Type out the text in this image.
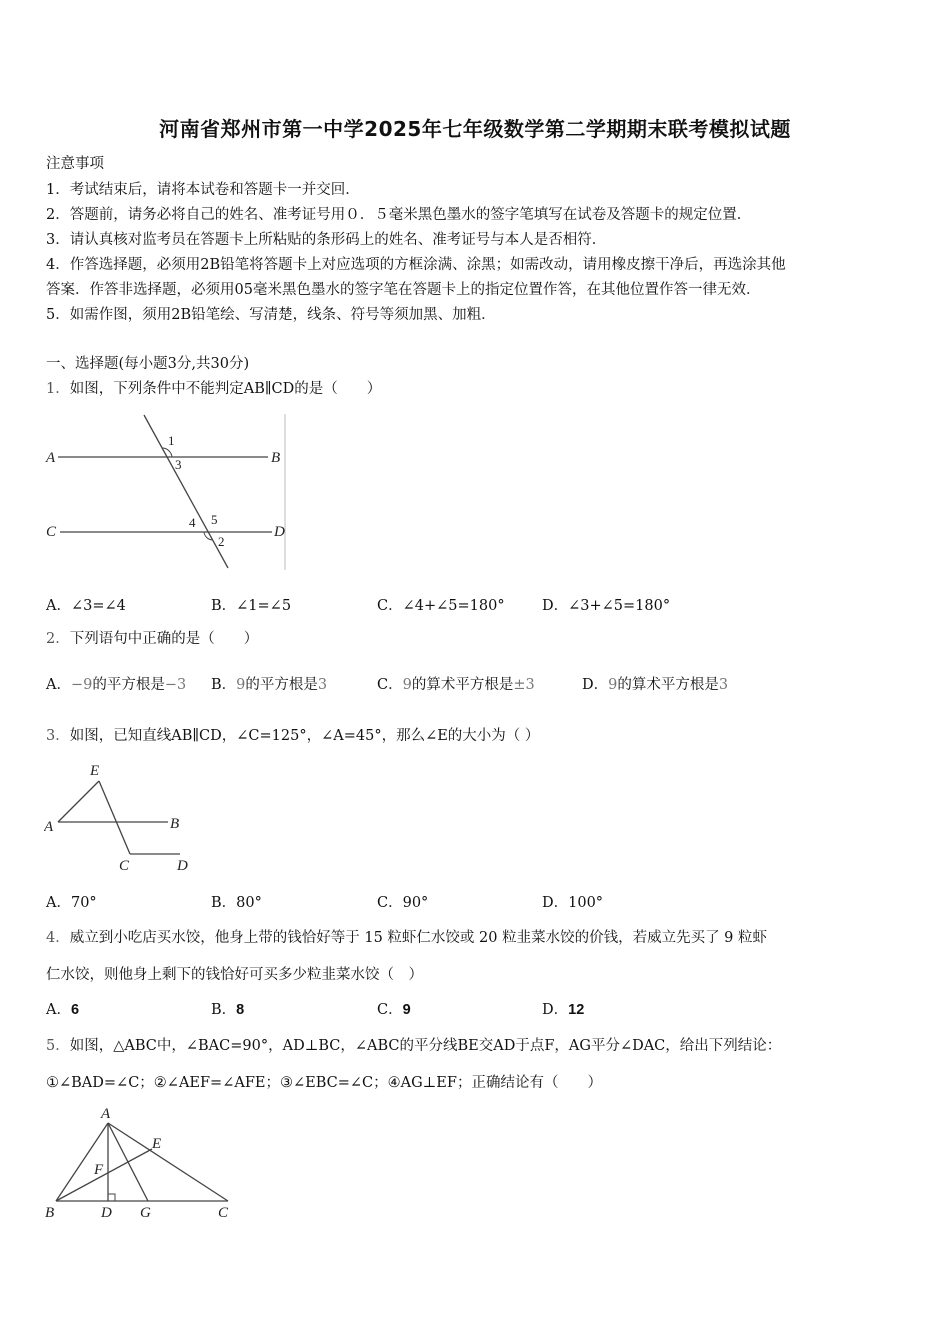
河南省郑州市第一中学2025年七年级数学第二学期期末联考模拟试题
注意事项
1．考试结束后，请将本试卷和答题卡一并交回．
2．答题前，请务必将自己的姓名、准考证号用０．５毫米黑色墨水的签字笔填写在试卷及答题卡的规定位置．
3．请认真核对监考员在答题卡上所粘贴的条形码上的姓名、准考证号与本人是否相符．
4．作答选择题，必须用2B铅笔将答题卡上对应选项的方框涂满、涂黑；如需改动，请用橡皮擦干净后，再选涂其他
答案．作答非选择题，必须用05毫米黑色墨水的签字笔在答题卡上的指定位置作答，在其他位置作答一律无效．
5．如需作图，须用2B铅笔绘、写清楚，线条、符号等须加黑、加粗．
一、选择题(每小题3分,共30分)
1．如图，下列条件中不能判定AB∥CD的是（　　）
A	B
C	D
1
3
4 5
2
A．∠3=∠4	B．∠1=∠5	C．∠4+∠5=180°	D．∠3+∠5=180°
2．下列语句中正确的是（　　）
A．−9的平方根是−3 B．9的平方根是3	C．9的算术平方根是±3	D．9的算术平方根是3
3．如图，已知直线AB∥CD，∠C=125°，∠A=45°，那么∠E的大小为（ ）
E
A	B
C	D
A．70°	B．80°	C．90°	D．100°
4．威立到小吃店买水饺，他身上带的钱恰好等于 15 粒虾仁水饺或 20 粒韭菜水饺的价钱，若威立先买了 9 粒虾
仁水饺，则他身上剩下的钱恰好可买多少粒韭菜水饺（　）
A．6	B．8	C．9	D．12
5．如图，△ABC中，∠BAC=90°，AD⊥BC，∠ABC的平分线BE交AD于点F，AG平分∠DAC，给出下列结论：
①∠BAD=∠C；②∠AEF=∠AFE；③∠EBC=∠C；④AG⊥EF；正确结论有（　　）
A
E
F
B	D G	C
